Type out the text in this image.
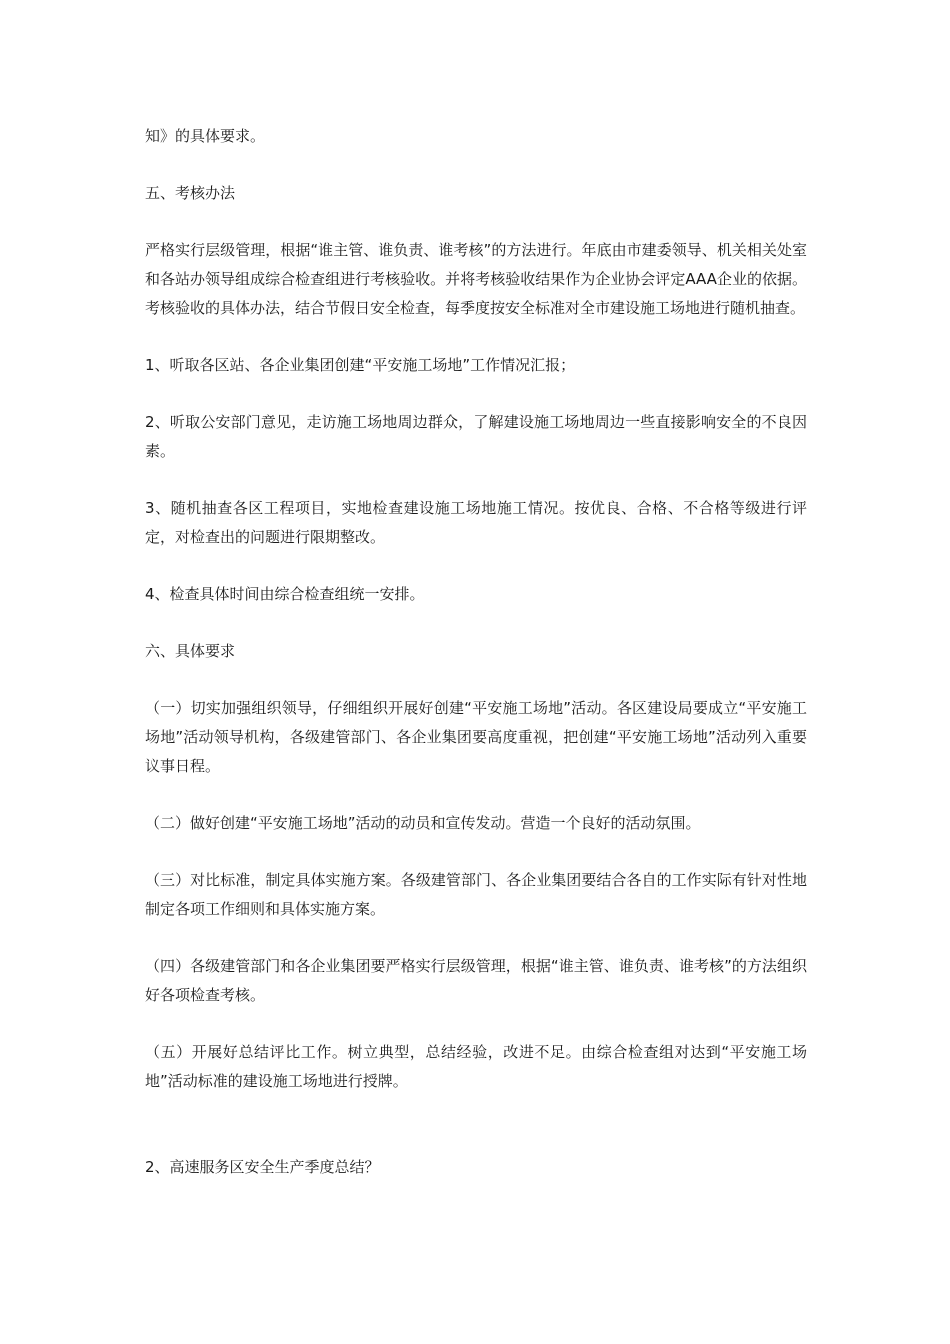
知》的具体要求。

五、考核办法

严格实行层级管理，根据“谁主管、谁负责、谁考核”的方法进行。年底由市建委领导、机关相关处室和各站办领导组成综合检查组进行考核验收。并将考核验收结果作为企业协会评定AAA企业的依据。考核验收的具体办法，结合节假日安全检查，每季度按安全标准对全市建设施工场地进行随机抽查。

1、听取各区站、各企业集团创建“平安施工场地”工作情况汇报；

2、听取公安部门意见，走访施工场地周边群众，了解建设施工场地周边一些直接影响安全的不良因素。

3、随机抽查各区工程项目，实地检查建设施工场地施工情况。按优良、合格、不合格等级进行评定，对检查出的问题进行限期整改。

4、检查具体时间由综合检查组统一安排。

六、具体要求

（一）切实加强组织领导，仔细组织开展好创建“平安施工场地”活动。各区建设局要成立“平安施工场地”活动领导机构，各级建管部门、各企业集团要高度重视，把创建“平安施工场地”活动列入重要议事日程。

（二）做好创建“平安施工场地”活动的动员和宣传发动。营造一个良好的活动氛围。

（三）对比标准，制定具体实施方案。各级建管部门、各企业集团要结合各自的工作实际有针对性地制定各项工作细则和具体实施方案。

（四）各级建管部门和各企业集团要严格实行层级管理，根据“谁主管、谁负责、谁考核”的方法组织好各项检查考核。

（五）开展好总结评比工作。树立典型，总结经验，改进不足。由综合检查组对达到“平安施工场地”活动标准的建设施工场地进行授牌。

2、高速服务区安全生产季度总结？
